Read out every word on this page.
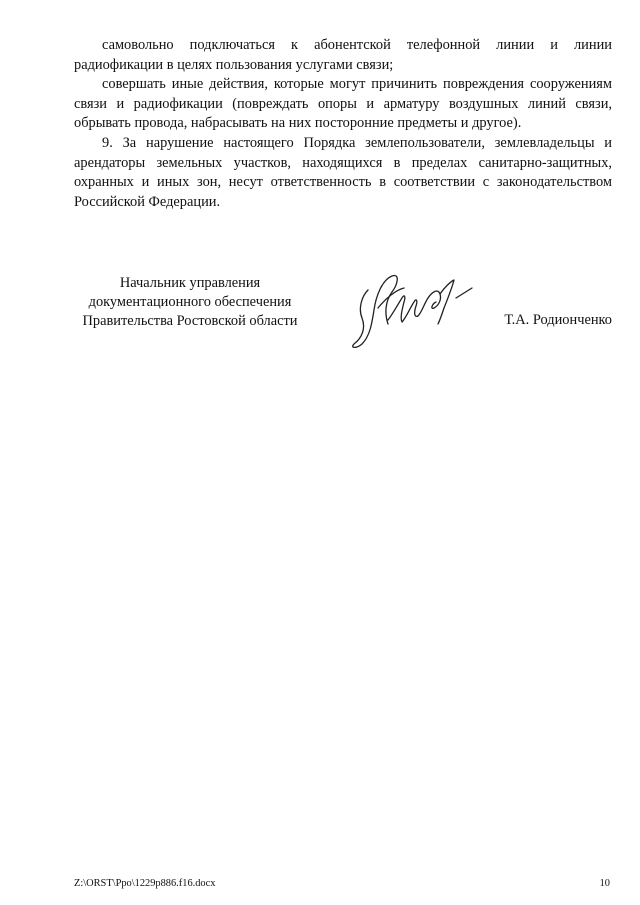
самовольно подключаться к абонентской телефонной линии и линии радиофикации в целях пользования услугами связи;

совершать иные действия, которые могут причинить повреждения сооружениям связи и радиофикации (повреждать опоры и арматуру воздушных линий связи, обрывать провода, набрасывать на них посторонние предметы и другое).

9. За нарушение настоящего Порядка землепользователи, землевладельцы и арендаторы земельных участков, находящихся в пределах санитарно-защитных, охранных и иных зон, несут ответственность в соответствии с законодательством Российской Федерации.

Начальник управления
документационного обеспечения
Правительства Ростовской области	Т.А. Родионченко
Z:\ORST\Ppo\1229p886.f16.docx	10
